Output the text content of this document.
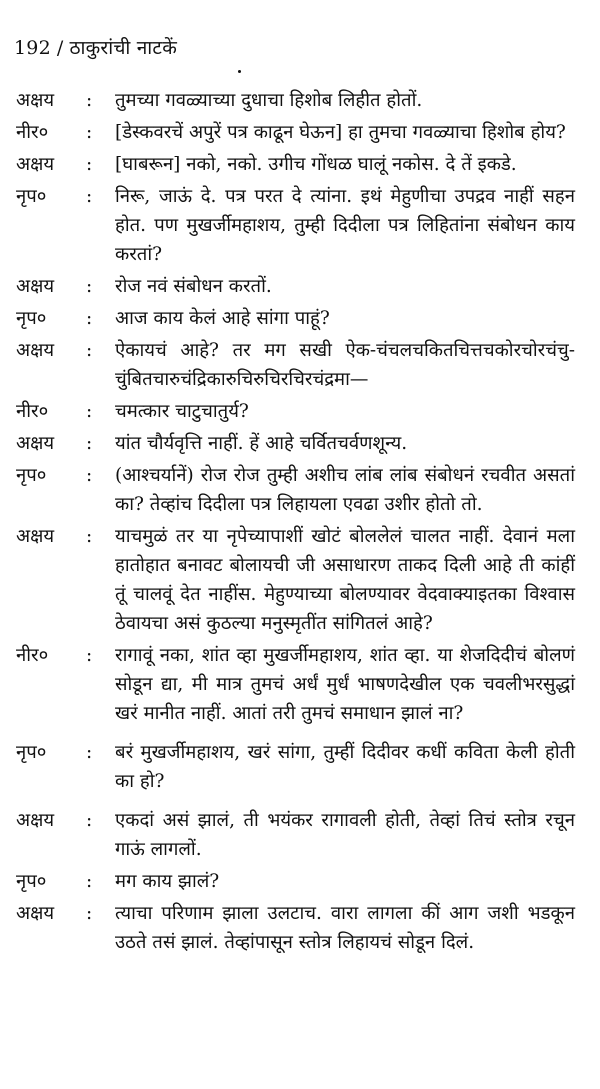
192 / ठाकुरांची नाटकें
अक्षय : तुमच्या गवळ्याच्या दुधाचा हिशोब लिहीत होतों.
नीर० : [डेस्कवरचें अपुरें पत्र काढून घेऊन] हा तुमचा गवळ्याचा हिशोब होय?
अक्षय : [घाबरून] नको, नको. उगीच गोंधळ घालूं नकोस. दे तें इकडे.
नृप० : निरू, जाऊं दे. पत्र परत दे त्यांना. इथं मेहुणीचा उपद्रव नाहीं सहन होत. पण मुखर्जीमहाशय, तुम्ही दिदीला पत्र लिहितांना संबोधन काय करतां?
अक्षय : रोज नवं संबोधन करतों.
नृप० : आज काय केलं आहे सांगा पाहूं?
अक्षय : ऐकायचं आहे? तर मग सखी ऐक-चंचलचकितचित्तचकोरचोरचंचु-चुंबितचारुचंद्रिकारुचिरुचिरचिरचंद्रमा—
नीर० : चमत्कार चाटुचातुर्य?
अक्षय : यांत चौर्यवृत्ति नाहीं. हें आहे चर्वितचर्वणशून्य.
नृप० : (आश्चर्यानें) रोज रोज तुम्ही अशीच लांब लांब संबोधनं रचवीत असतां का? तेव्हांच दिदीला पत्र लिहायला एवढा उशीर होतो तो.
अक्षय : याचमुळं तर या नृपेच्यापाशीं खोटं बोललेलं चालत नाहीं. देवानं मला हातोहात बनावट बोलायची जी असाधारण ताकद दिली आहे ती कांहीं तूं चालवूं देत नाहींस. मेहुण्याच्या बोलण्यावर वेदवाक्याइतका विश्वास ठेवायचा असं कुठल्या मनुस्मृतींत सांगितलं आहे?
नीर० : रागावूं नका, शांत व्हा मुखर्जीमहाशय, शांत व्हा. या शेजदिदीचं बोलणं सोडून द्या, मी मात्र तुमचं अर्धं मुर्धं भाषणदेखील एक चवलीभरसुद्धां खरं मानीत नाहीं. आतां तरी तुमचं समाधान झालं ना?
नृप० : बरं मुखर्जीमहाशय, खरं सांगा, तुम्हीं दिदीवर कधीं कविता केली होती का हो?
अक्षय : एकदां असं झालं, ती भयंकर रागावली होती, तेव्हां तिचं स्तोत्र रचून गाऊं लागलों.
नृप० : मग काय झालं?
अक्षय : त्याचा परिणाम झाला उलटाच. वारा लागला कीं आग जशी भडकून उठते तसं झालं. तेव्हांपासून स्तोत्र लिहायचं सोडून दिलं.
